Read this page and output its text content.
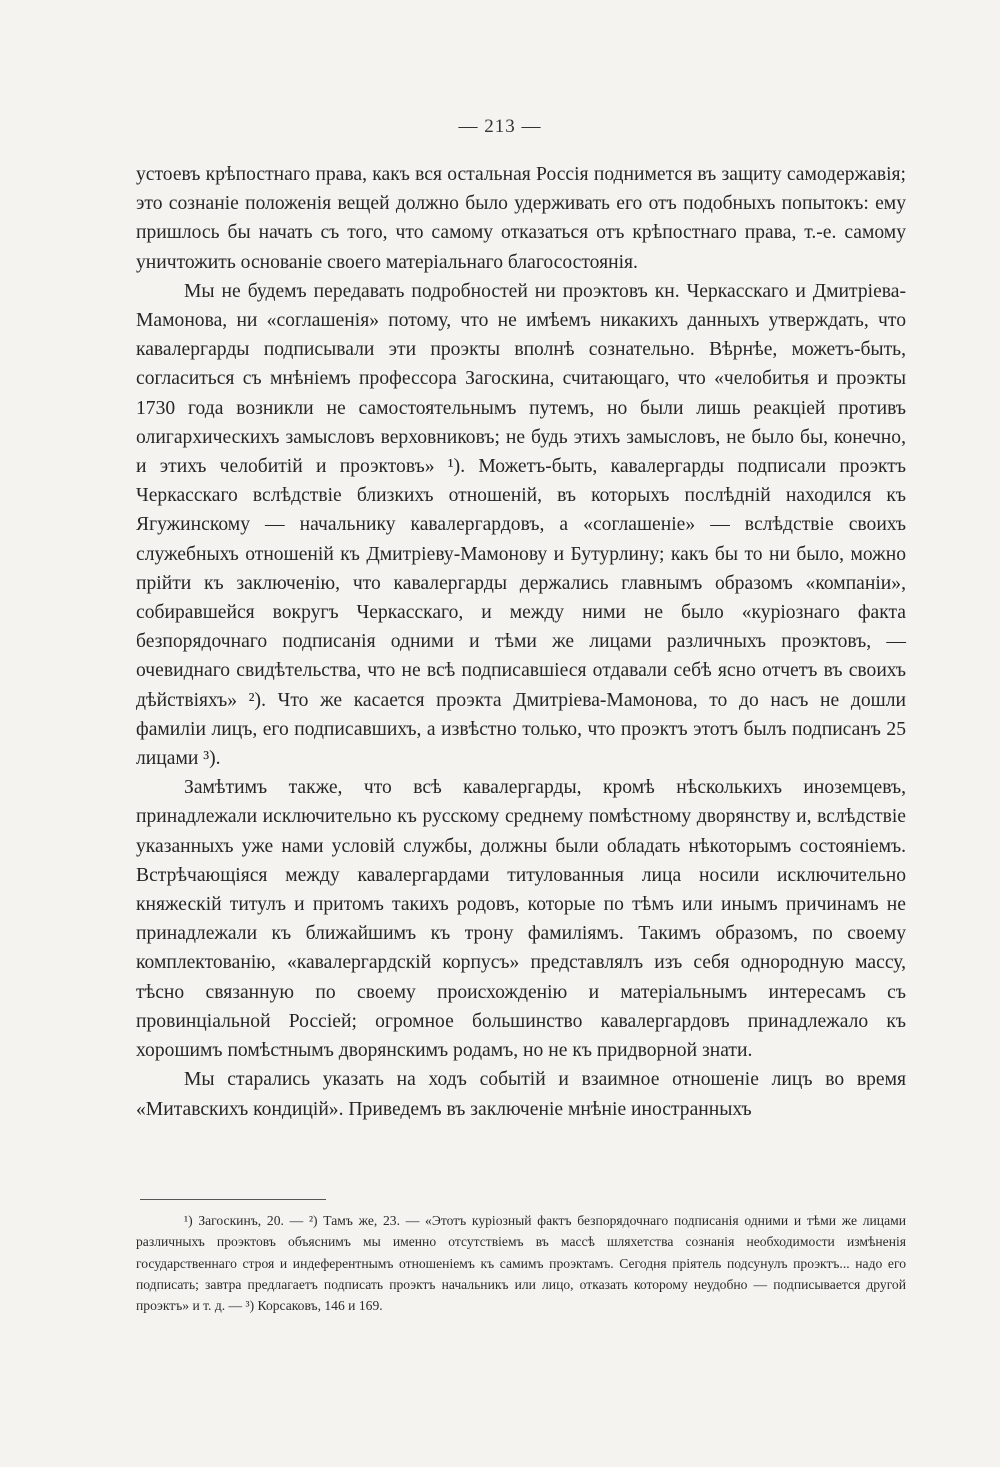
— 213 —

устоевъ крѣпостнаго права, какъ вся остальная Россія поднимется въ защиту самодержавія; это сознаніе положенія вещей должно было удерживать его отъ подобныхъ попытокъ: ему пришлось бы начать съ того, что самому отказаться отъ крѣпостнаго права, т.-е. самому уничтожить основаніе своего матеріальнаго благосостоянія.

Мы не будемъ передавать подробностей ни проэктовъ кн. Черкасскаго и Дмитріева-Мамонова, ни «соглашенія» потому, что не имѣемъ никакихъ данныхъ утверждать, что кавалергарды подписывали эти проэкты вполнѣ сознательно. Вѣрнѣе, можетъ-быть, согласиться съ мнѣніемъ профессора Загоскина, считающаго, что «челобитья и проэкты 1730 года возникли не самостоятельнымъ путемъ, но были лишь реакціей противъ олигархическихъ замысловъ верховниковъ; не будь этихъ замысловъ, не было бы, конечно, и этихъ челобитій и проэктовъ» ¹). Можетъ-быть, кавалергарды подписали проэктъ Черкасскаго вслѣдствіе близкихъ отношеній, въ которыхъ послѣдній находился къ Ягужинскому — начальнику кавалергардовъ, а «соглашеніе» — вслѣдствіе своихъ служебныхъ отношеній къ Дмитріеву-Мамонову и Бутурлину; какъ бы то ни было, можно прійти къ заключенію, что кавалергарды держались главнымъ образомъ «компаніи», собиравшейся вокругъ Черкасскаго, и между ними не было «куріознаго факта безпорядочнаго подписанія одними и тѣми же лицами различныхъ проэктовъ, — очевиднаго свидѣтельства, что не всѣ подписавшіеся отдавали себѣ ясно отчетъ въ своихъ дѣйствіяхъ» ²). Что же касается проэкта Дмитріева-Мамонова, то до насъ не дошли фамиліи лицъ, его подписавшихъ, а извѣстно только, что проэктъ этотъ былъ подписанъ 25 лицами ³).

Замѣтимъ также, что всѣ кавалергарды, кромѣ нѣсколькихъ иноземцевъ, принадлежали исключительно къ русскому среднему помѣстному дворянству и, вслѣдствіе указанныхъ уже нами условій службы, должны были обладать нѣкоторымъ состояніемъ. Встрѣчающіяся между кавалергардами титулованныя лица носили исключительно княжескій титулъ и притомъ такихъ родовъ, которые по тѣмъ или инымъ причинамъ не принадлежали къ ближайшимъ къ трону фамиліямъ. Такимъ образомъ, по своему комплектованію, «кавалергардскій корпусъ» представлялъ изъ себя однородную массу, тѣсно связанную по своему происхожденію и матеріальнымъ интересамъ съ провинціальной Россіей; огромное большинство кавалергардовъ принадлежало къ хорошимъ помѣстнымъ дворянскимъ родамъ, но не къ придворной знати.

Мы старались указать на ходъ событій и взаимное отношеніе лицъ во время «Митавскихъ кондицій». Приведемъ въ заключеніе мнѣніе иностранныхъ

¹) Загоскинъ, 20. — ²) Тамъ же, 23. — «Этотъ куріозный фактъ безпорядочнаго подписанія одними и тѣми же лицами различныхъ проэктовъ объяснимъ мы именно отсутствіемъ въ массѣ шляхетства сознанія необходимости измѣненія государственнаго строя и индеферентнымъ отношеніемъ къ самимъ проэктамъ. Сегодня пріятель подсунулъ проэктъ... надо его подписать; завтра предлагаетъ подписать проэктъ начальникъ или лицо, отказать которому неудобно — подписывается другой проэктъ» и т. д. — ³) Корсаковъ, 146 и 169.
